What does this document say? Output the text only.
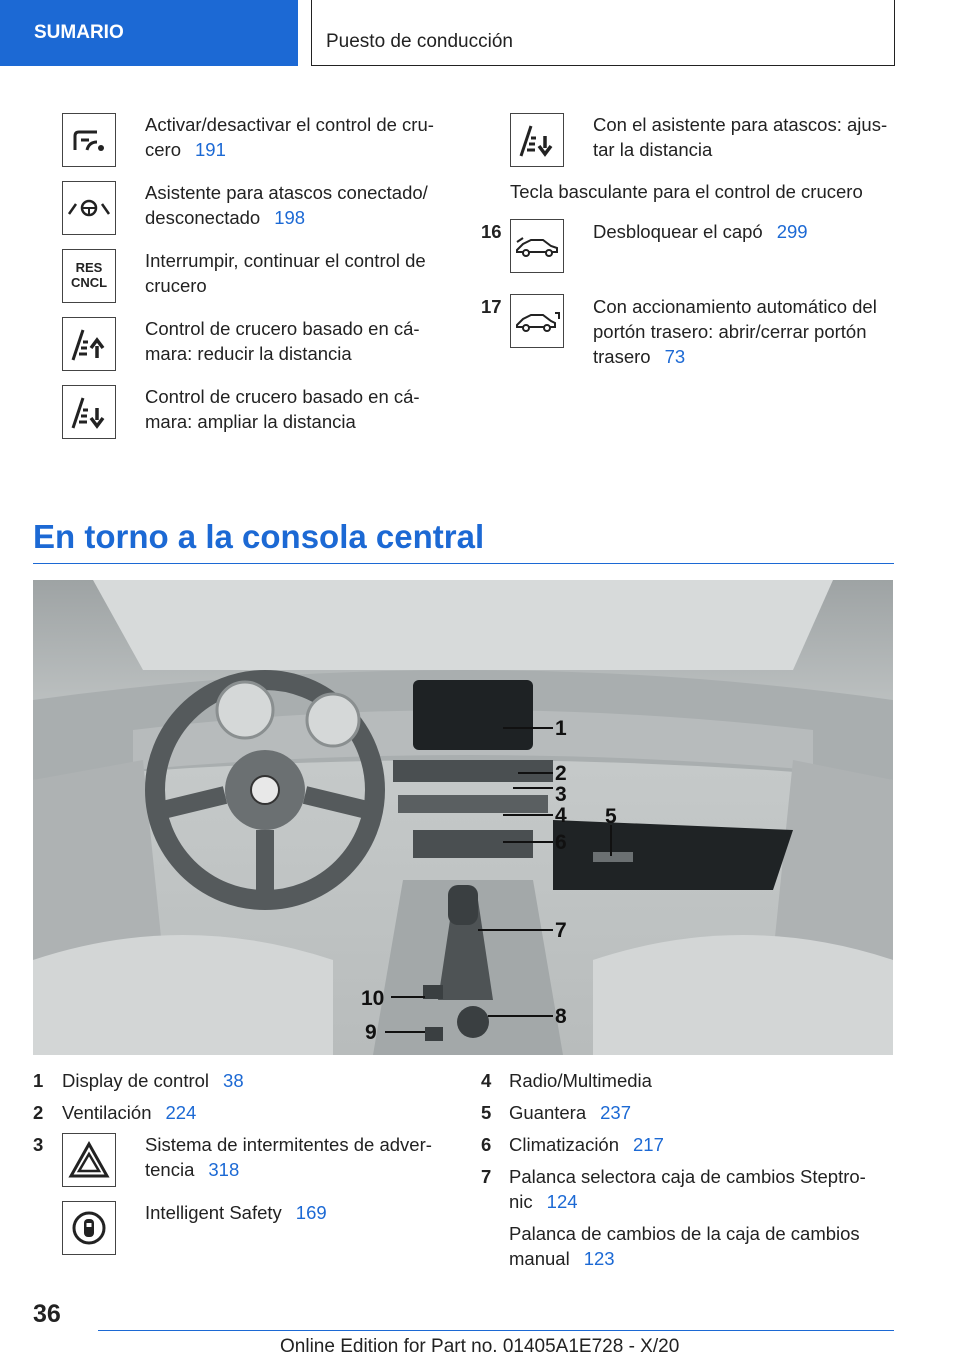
SUMARIO	Puesto de conducción
Activar/desactivar el control de cru-
cero 191
Asistente para atascos conectado/
desconectado 198
RES
CNCL
Interrumpir, continuar el control de
crucero
Control de crucero basado en cá-
mara: reducir la distancia
Control de crucero basado en cá-
mara: ampliar la distancia
Con el asistente para atascos: ajus-
tar la distancia
Tecla basculante para el control de crucero
16	Desbloquear el capó 299
17	Con accionamiento automático del
portón trasero: abrir/cerrar portón
trasero 73
En torno a la consola central
1
2
3
4 5
6
7
8
9
10
1 Display de control 38
2 Ventilación 224
3	Sistema de intermitentes de adver-
tencia 318
Intelligent Safety 169
4 Radio/Multimedia
5 Guantera 237
6 Climatización 217
7 Palanca selectora caja de cambios Steptro-
nic 124
Palanca de cambios de la caja de cambios
manual 123
36
Online Edition for Part no. 01405A1E728 - X/20
